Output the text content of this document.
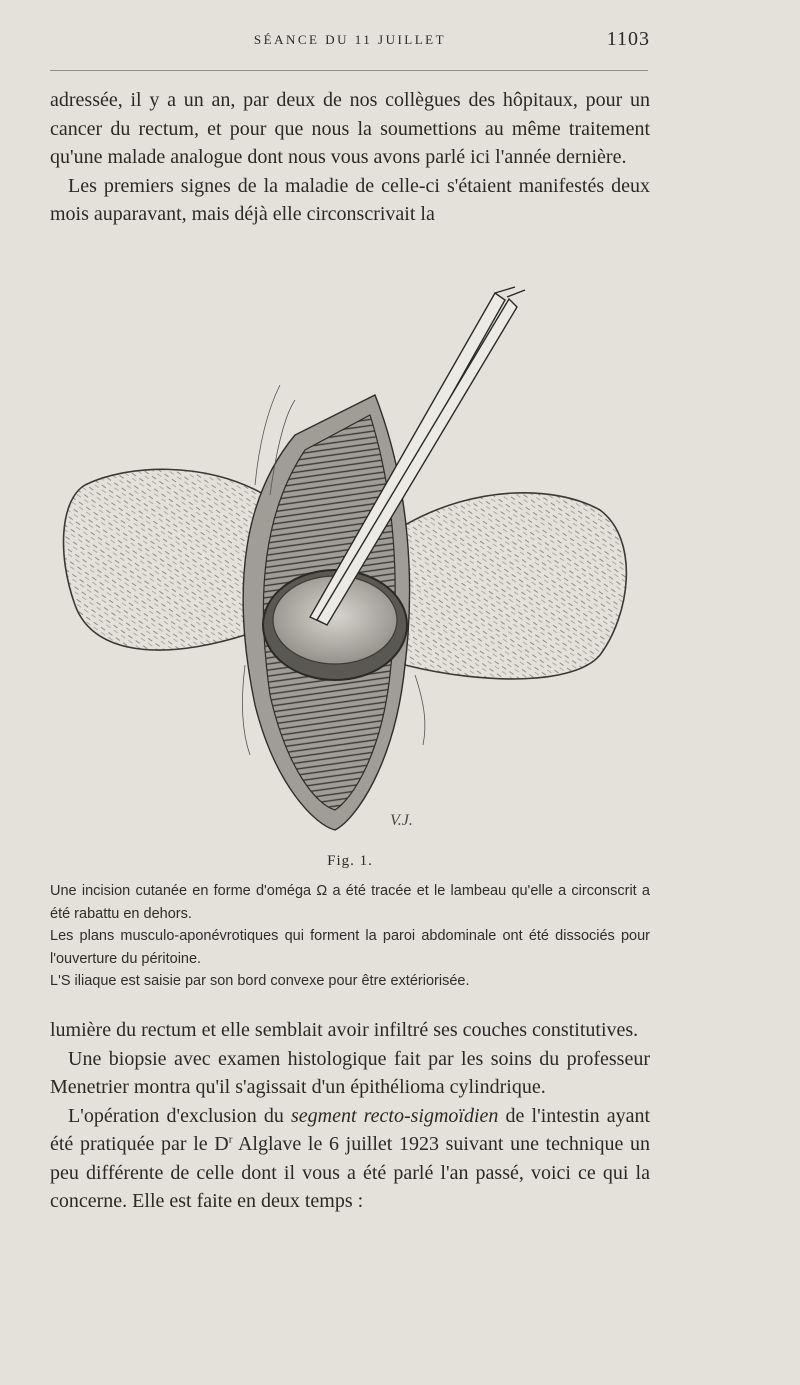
SÉANCE DU 11 JUILLET	1103

adressée, il y a un an, par deux de nos collègues des hôpitaux, pour un cancer du rectum, et pour que nous la soumettions au même traitement qu'une malade analogue dont nous vous avons parlé ici l'année dernière.

Les premiers signes de la maladie de celle-ci s'étaient manifestés deux mois auparavant, mais déjà elle circonscrivait la

V.J.
Fig. 1.

Une incision cutanée en forme d'oméga Ω a été tracée et le lambeau qu'elle a circonscrit a été rabattu en dehors.

Les plans musculo-aponévrotiques qui forment la paroi abdominale ont été dissociés pour l'ouverture du péritoine.

L'S iliaque est saisie par son bord convexe pour être extériorisée.

lumière du rectum et elle semblait avoir infiltré ses couches constitutives.

Une biopsie avec examen histologique fait par les soins du professeur Menetrier montra qu'il s'agissait d'un épithélioma cylindrique.

L'opération d'exclusion du segment recto-sigmoïdien de l'intestin ayant été pratiquée par le $D^r$ Alglave le 6 juillet 1923 suivant une technique un peu différente de celle dont il vous a été parlé l'an passé, voici ce qui la concerne. Elle est faite en deux temps :
